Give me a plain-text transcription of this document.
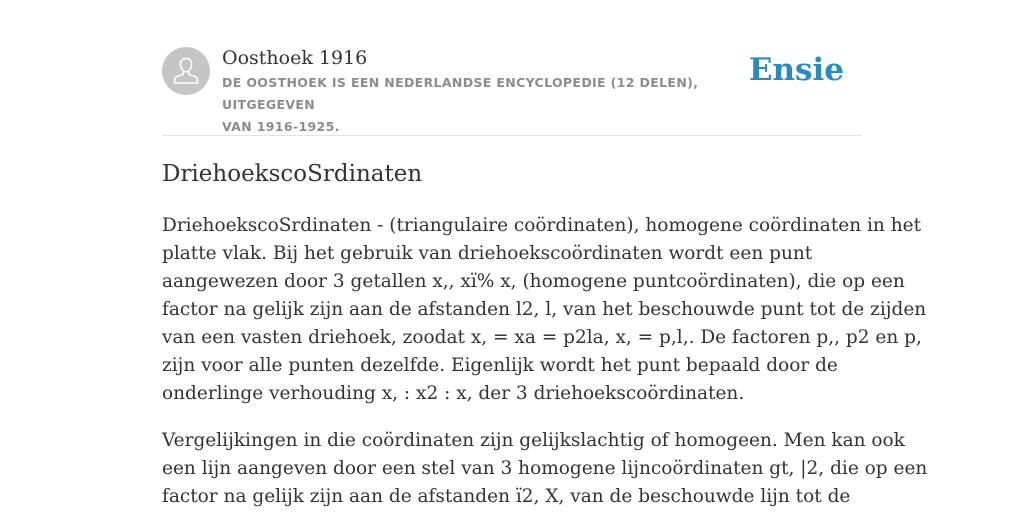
Oosthoek 1916
DE OOSTHOEK IS EEN NEDERLANDSE ENCYCLOPEDIE (12 DELEN), UITGEGEVEN
VAN 1916-1925.
Ensie
DriehoekscoSrdinaten

DriehoekscoSrdinaten - (triangulaire coördinaten), homogene coördinaten in het
platte vlak. Bij het gebruik van driehoekscoördinaten wordt een punt
aangewezen door 3 getallen x,, xï% x, (homogene puntcoördinaten), die op een
factor na gelijk zijn aan de afstanden l2, l, van het beschouwde punt tot de zijden
van een vasten driehoek, zoodat x, = xa = p2la, x, = p,l,. De factoren p,, p2 en p,
zijn voor alle punten dezelfde. Eigenlijk wordt het punt bepaald door de
onderlinge verhouding x, : x2 : x, der 3 driehoekscoördinaten.

Vergelijkingen in die coördinaten zijn gelijkslachtig of homogeen. Men kan ook
een lijn aangeven door een stel van 3 homogene lijncoördinaten gt, |2, die op een
factor na gelijk zijn aan de afstanden ï2, X, van de beschouwde lijn tot de
